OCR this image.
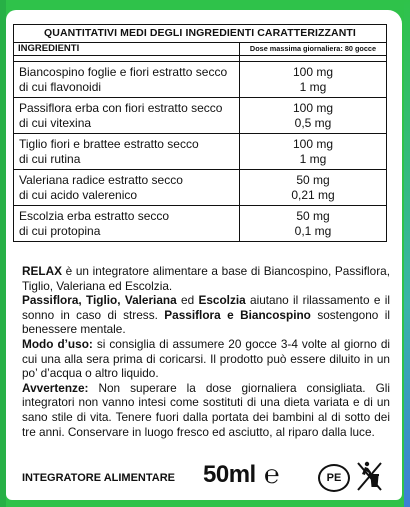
QUANTITATIVI MEDI DEGLI INGREDIENTI CARATTERIZZANTI
INGREDIENTI	Dose massima giornaliera: 80 gocce
Biancospino foglie e fiori estratto secco
di cui flavonoidi
100 mg
1 mg
Passiflora erba con fiori estratto secco
di cui vitexina
100 mg
0,5 mg
Tiglio fiori e brattee estratto secco
di cui rutina
100 mg
1 mg
Valeriana radice estratto secco
di cui acido valerenico
50 mg
0,21 mg
Escolzia erba estratto secco
di cui protopina
50 mg
0,1 mg

RELAX è un integratore alimentare a base di Biancospino, Passiflora, Tiglio, Valeriana ed Escolzia.

Passiflora, Tiglio, Valeriana ed Escolzia aiutano il rilassamento e il sonno in caso di stress. Passiflora e Biancospino sostengono il benessere mentale.

Modo d’uso: si consiglia di assumere 20 gocce 3-4 volte al giorno di cui una alla sera prima di coricarsi. Il prodotto può essere diluito in un po’ d’acqua o altro liquido.

Avvertenze: Non superare la dose giornaliera consigliata. Gli integratori non vanno intesi come sostituti di una dieta variata e di un sano stile di vita. Tenere fuori dalla portata dei bambini al di sotto dei tre anni. Conservare in luogo fresco ed asciutto, al riparo dalla luce.

INTEGRATORE ALIMENTARE 50ml ℮	PE
